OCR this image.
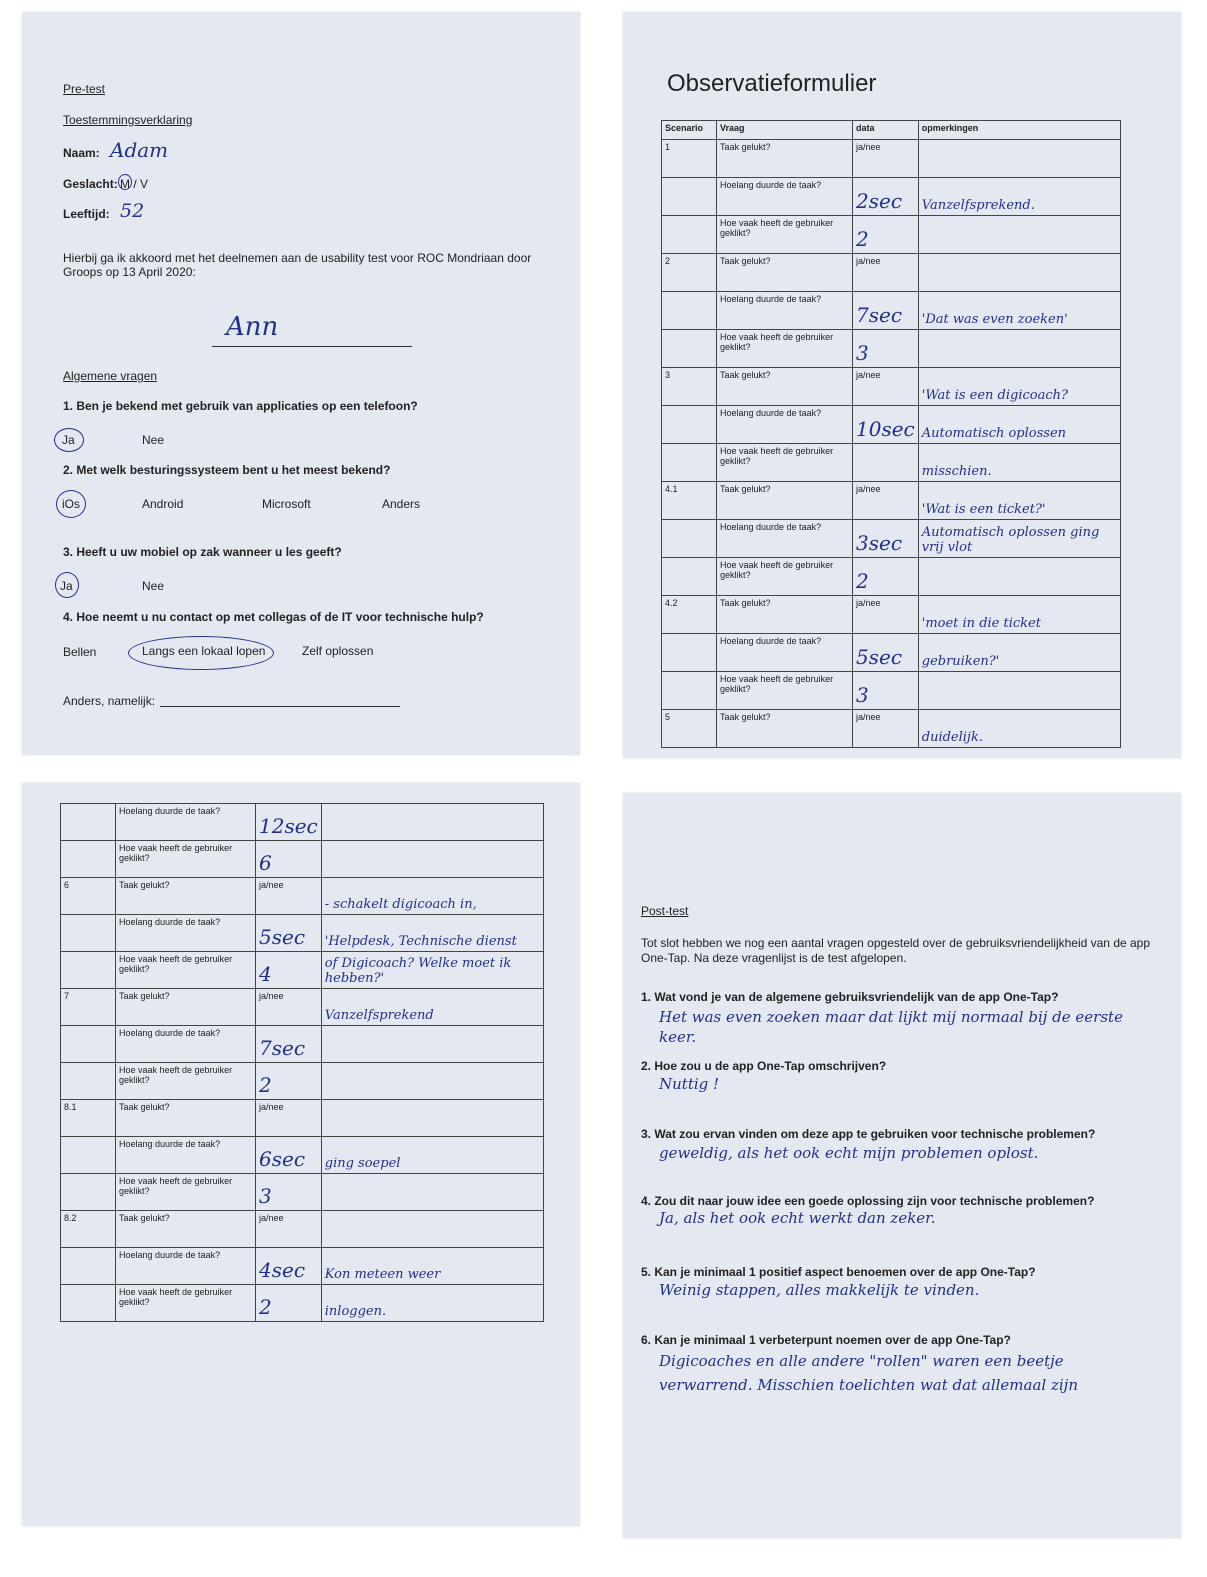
Pre-test
Toestemmingsverklaring
Naam: Adam
Geslacht: M / V
Leeftijd: 52
Hierbij ga ik akkoord met het deelnemen aan de usability test voor ROC Mondriaan door Groops op 13 April 2020:
Ann
Algemene vragen
1. Ben je bekend met gebruik van applicaties op een telefoon?
Ja	Nee
2. Met welk besturingssysteem bent u het meest bekend?
iOs	Android	Microsoft	Anders
3. Heeft u uw mobiel op zak wanneer u les geeft?
Ja	Nee
4. Hoe neemt u nu contact op met collegas of de IT voor technische hulp?
Bellen	Langs een lokaal lopen	Zelf oplossen
Anders, namelijk:
Observatieformulier
Scenario	Vraag	data	opmerkingen
1	Taak gelukt?	ja/nee	
	Hoelang duurde de taak?	2sec	Vanzelfsprekend.
	Hoe vaak heeft de gebruiker geklikt?	2	
2	Taak gelukt?	ja/nee	
	Hoelang duurde de taak?	7sec	'Dat was even zoeken'
	Hoe vaak heeft de gebruiker geklikt?	3	
3	Taak gelukt?	ja/nee	'Wat is een digicoach?
	Hoelang duurde de taak?	10sec	Automatisch oplossen
	Hoe vaak heeft de gebruiker geklikt?		misschien.
4.1	Taak gelukt?	ja/nee	'Wat is een ticket?'
	Hoelang duurde de taak?	3sec	Automatisch oplossen ging vrij vlot
	Hoe vaak heeft de gebruiker geklikt?	2	
4.2	Taak gelukt?	ja/nee	'moet in die ticket
	Hoelang duurde de taak?	5sec	gebruiken?'
	Hoe vaak heeft de gebruiker geklikt?	3	
5	Taak gelukt?	ja/nee	duidelijk.
	Hoelang duurde de taak?	12sec	
	Hoe vaak heeft de gebruiker geklikt?	6	
6	Taak gelukt?	ja/nee	- schakelt digicoach in,
	Hoelang duurde de taak?	5sec	'Helpdesk, Technische dienst
	Hoe vaak heeft de gebruiker geklikt?	4	of Digicoach? Welke moet ik hebben?'
7	Taak gelukt?	ja/nee	Vanzelfsprekend
	Hoelang duurde de taak?	7sec	
	Hoe vaak heeft de gebruiker geklikt?	2	
8.1	Taak gelukt?	ja/nee	
	Hoelang duurde de taak?	6sec	ging soepel
	Hoe vaak heeft de gebruiker geklikt?	3	
8.2	Taak gelukt?	ja/nee	
	Hoelang duurde de taak?	4sec	Kon meteen weer
	Hoe vaak heeft de gebruiker geklikt?	2	inloggen.
Post-test
Tot slot hebben we nog een aantal vragen opgesteld over de gebruiksvriendelijkheid van de app One-Tap. Na deze vragenlijst is de test afgelopen.
1. Wat vond je van de algemene gebruiksvriendelijk van de app One-Tap?
Het was even zoeken maar dat lijkt mij normaal bij de eerste keer.
2. Hoe zou u de app One-Tap omschrijven?
Nuttig !
3. Wat zou ervan vinden om deze app te gebruiken voor technische problemen?
geweldig, als het ook echt mijn problemen oplost.
4. Zou dit naar jouw idee een goede oplossing zijn voor technische problemen?
Ja, als het ook echt werkt dan zeker.
5. Kan je minimaal 1 positief aspect benoemen over de app One-Tap?
Weinig stappen, alles makkelijk te vinden.
6. Kan je minimaal 1 verbeterpunt noemen over de app One-Tap?
Digicoaches en alle andere "rollen" waren een beetje verwarrend. Misschien toelichten wat dat allemaal zijn
